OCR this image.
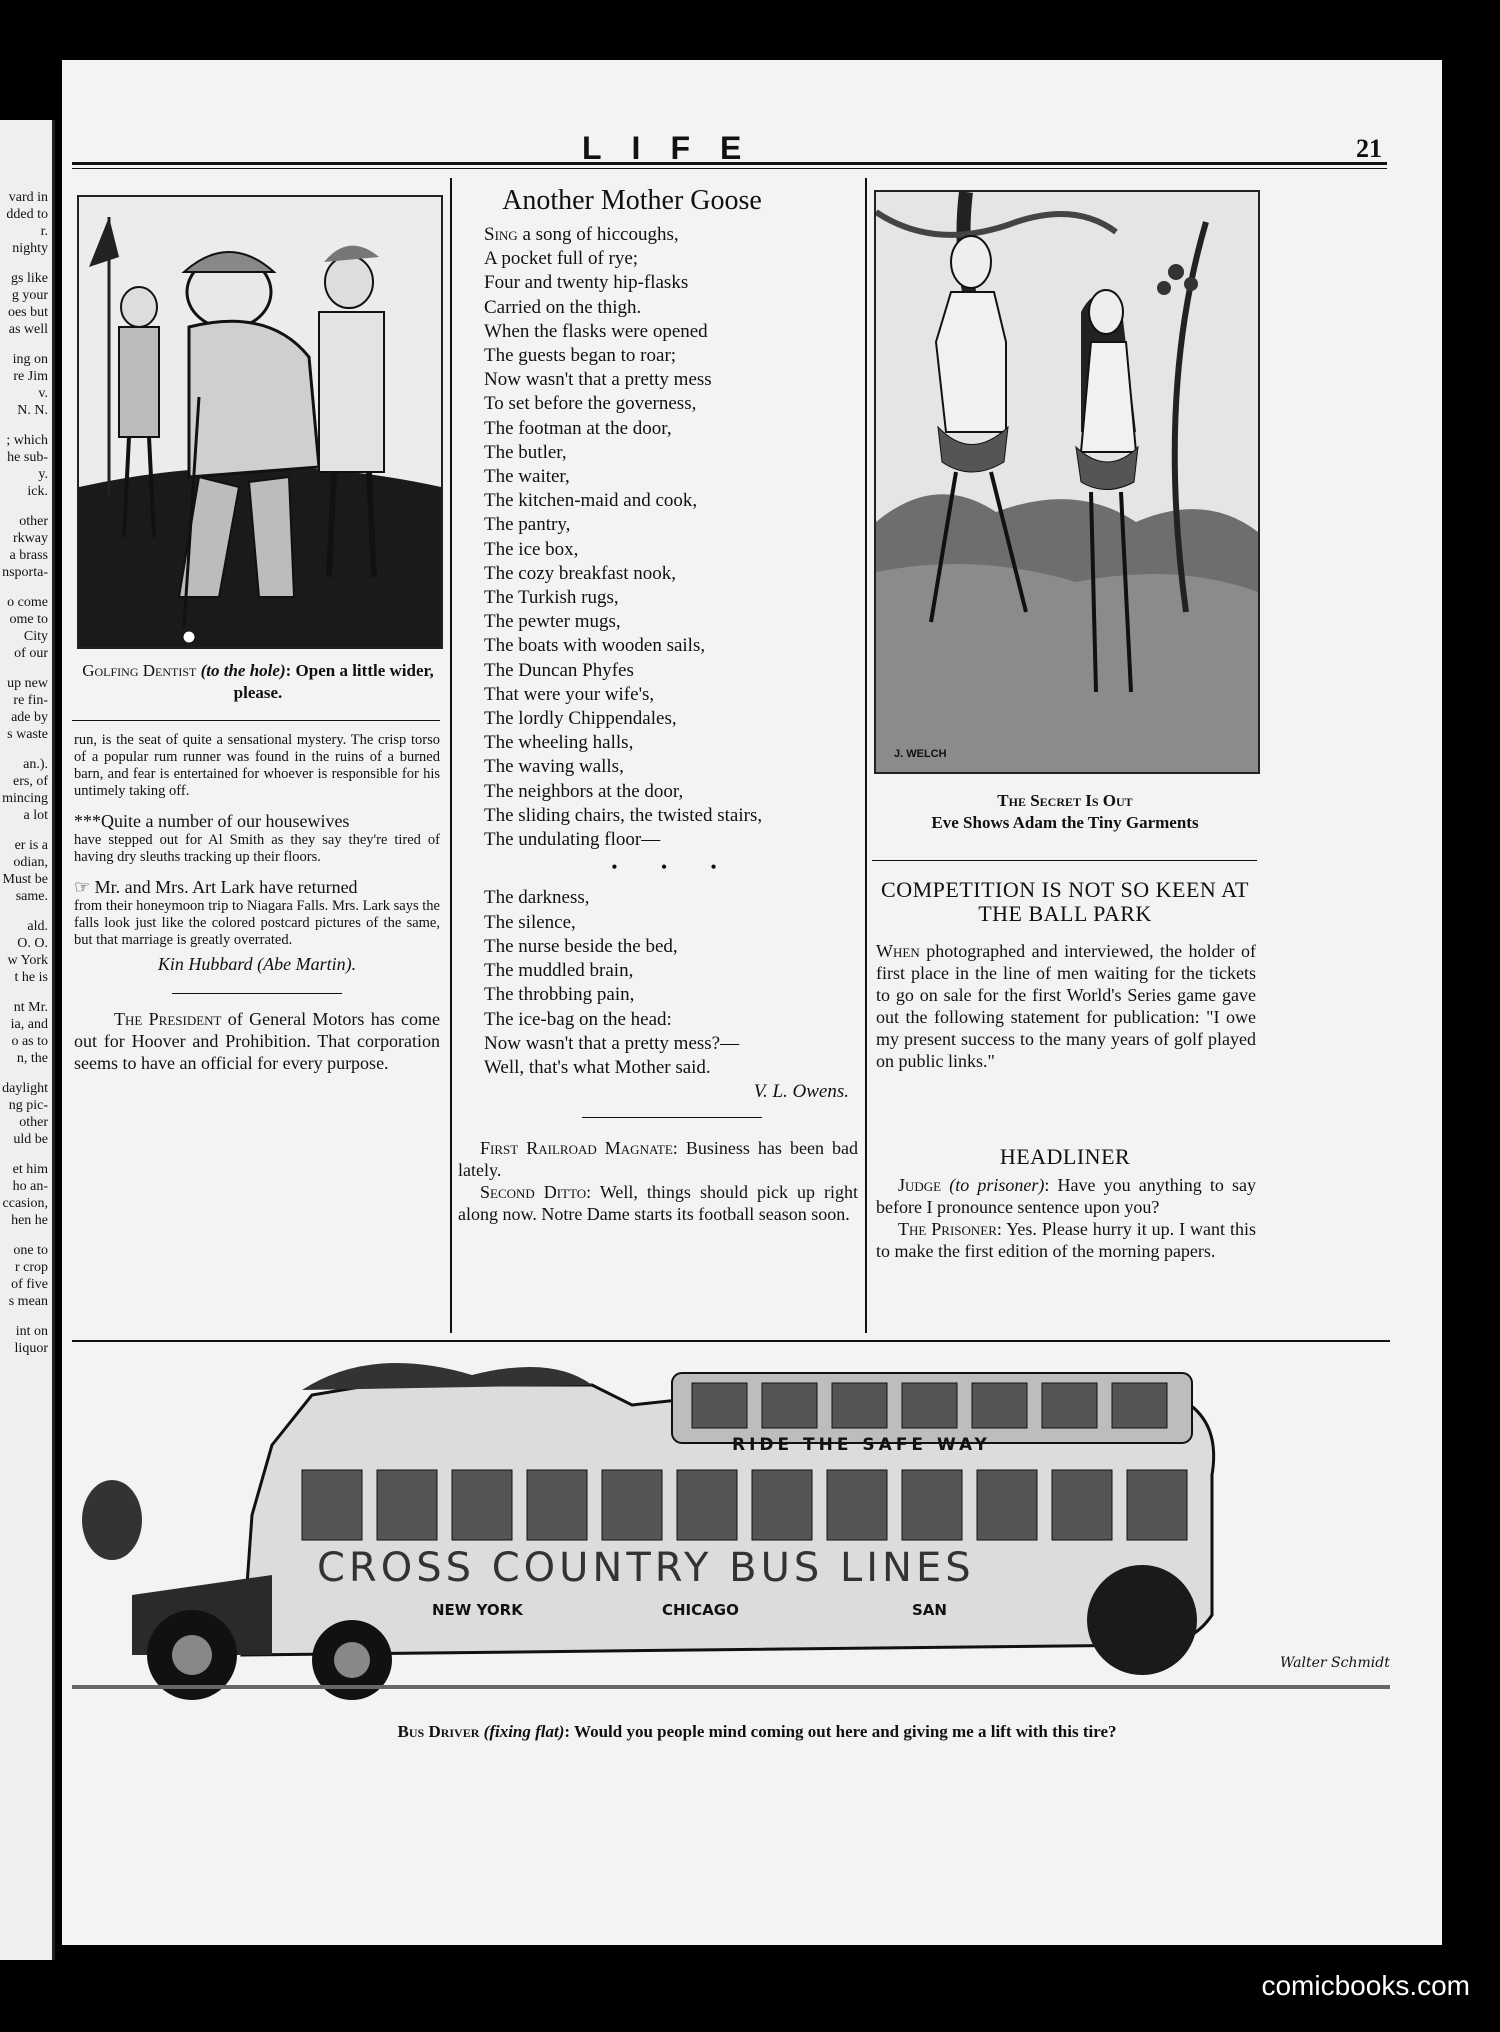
vard in
dded to
r.
nighty
gs like
g your
oes but
as well
ing on
re Jim
v.
N. N.
; which
he sub-
y.
ick.
other
rkway
a brass
nsporta-
o come
ome to
City
of our
up new
re fin-
ade by
s waste
an.).
ers, of
mincing
a lot
er is a
odian,
Must be
same.
ald.
O. O.
w York
t he is
nt Mr.
ia, and
o as to
n, the
daylight
ng pic-
other
uld be
et him
ho an-
ccasion,
hen he
one to
r crop
of five
s mean
int on
liquor
LIFE	21
Golfing Dentist (to the hole): Open a little wider, please.

run, is the seat of quite a sensational mystery. The crisp torso of a popular rum runner was found in the ruins of a burned barn, and fear is entertained for whoever is responsible for his untimely taking off.

***Quite a number of our housewives
have stepped out for Al Smith as they say they're tired of having dry sleuths tracking up their floors.

☞ Mr. and Mrs. Art Lark have returned
from their honeymoon trip to Niagara Falls. Mrs. Lark says the falls look just like the colored postcard pictures of the same, but that marriage is greatly overrated.

Kin Hubbard (Abe Martin).

The President of General Motors has come out for Hoover and Prohibition. That corporation seems to have an official for every purpose.

Another Mother Goose
Sing a song of hiccoughs,
A pocket full of rye;
Four and twenty hip-flasks
Carried on the thigh.
When the flasks were opened
The guests began to roar;
Now wasn't that a pretty mess
To set before the governess,
The footman at the door,
The butler,
The waiter,
The kitchen-maid and cook,
The pantry,
The ice box,
The cozy breakfast nook,
The Turkish rugs,
The pewter mugs,
The boats with wooden sails,
The Duncan Phyfes
That were your wife's,
The lordly Chippendales,
The wheeling halls,
The waving walls,
The neighbors at the door,
The sliding chairs, the twisted stairs,
The undulating floor—
• • •
The darkness,
The silence,
The nurse beside the bed,
The muddled brain,
The throbbing pain,
The ice-bag on the head:
Now wasn't that a pretty mess?—
Well, that's what Mother said.
V. L. Owens.

First Railroad Magnate: Business has been bad lately.

Second Ditto: Well, things should pick up right along now. Notre Dame starts its football season soon.

J. WELCH
The Secret Is Out
Eve Shows Adam the Tiny Garments
COMPETITION IS NOT SO KEEN AT THE BALL PARK

When photographed and interviewed, the holder of first place in the line of men waiting for the tickets to go on sale for the first World's Series game gave out the following statement for publication: "I owe my present success to the many years of golf played on public links."

HEADLINER

Judge (to prisoner): Have you anything to say before I pronounce sentence upon you?

The Prisoner: Yes. Please hurry it up. I want this to make the first edition of the morning papers.

RIDE THE SAFE WAY
CROSS COUNTRY BUS LINES
NEW YORK	CHICAGO	SAN
Walter Schmidt
Bus Driver (fixing flat): Would you people mind coming out here and giving me a lift with this tire?
comicbooks.com
